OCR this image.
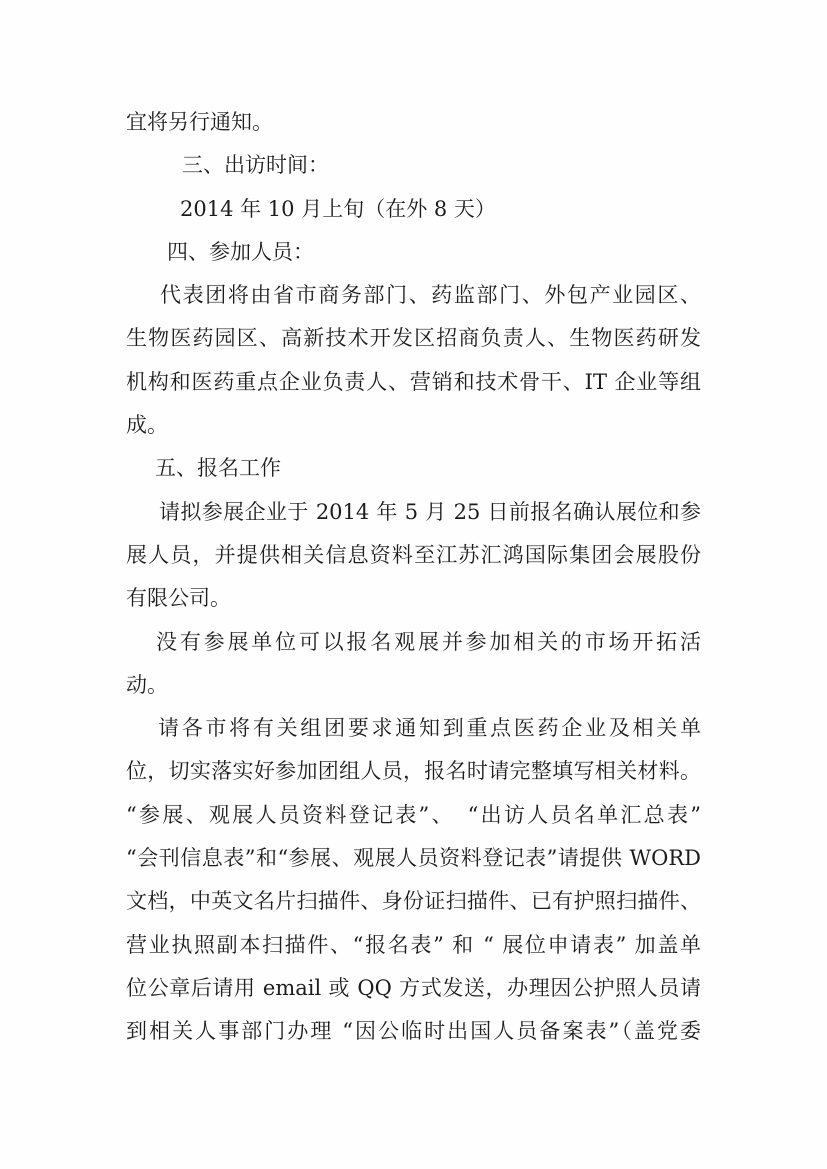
宜将另行通知。
三、出访时间：
2014 年 10 月上旬（在外 8 天）
四、参加人员：
代表团将由省市商务部门、药监部门、外包产业园区、
生物医药园区、高新技术开发区招商负责人、生物医药研发
机构和医药重点企业负责人、营销和技术骨干、IT 企业等组
成。
五、报名工作
请拟参展企业于 2014 年 5 月 25 日前报名确认展位和参
展人员，并提供相关信息资料至江苏汇鸿国际集团会展股份
有限公司。
没有参展单位可以报名观展并参加相关的市场开拓活
动。
请各市将有关组团要求通知到重点医药企业及相关单
位，切实落实好参加团组人员，报名时请完整填写相关材料。
“参展、观展人员资料登记表”、　“出访人员名单汇总表”
“会刊信息表”和“参展、观展人员资料登记表”请提供 WORD
文档，中英文名片扫描件、身份证扫描件、已有护照扫描件、
营业执照副本扫描件、“报名表” 和 “ 展位申请表” 加盖单
位公章后请用 email 或 QQ 方式发送，办理因公护照人员请
到相关人事部门办理 “因公临时出国人员备案表”（盖党委
